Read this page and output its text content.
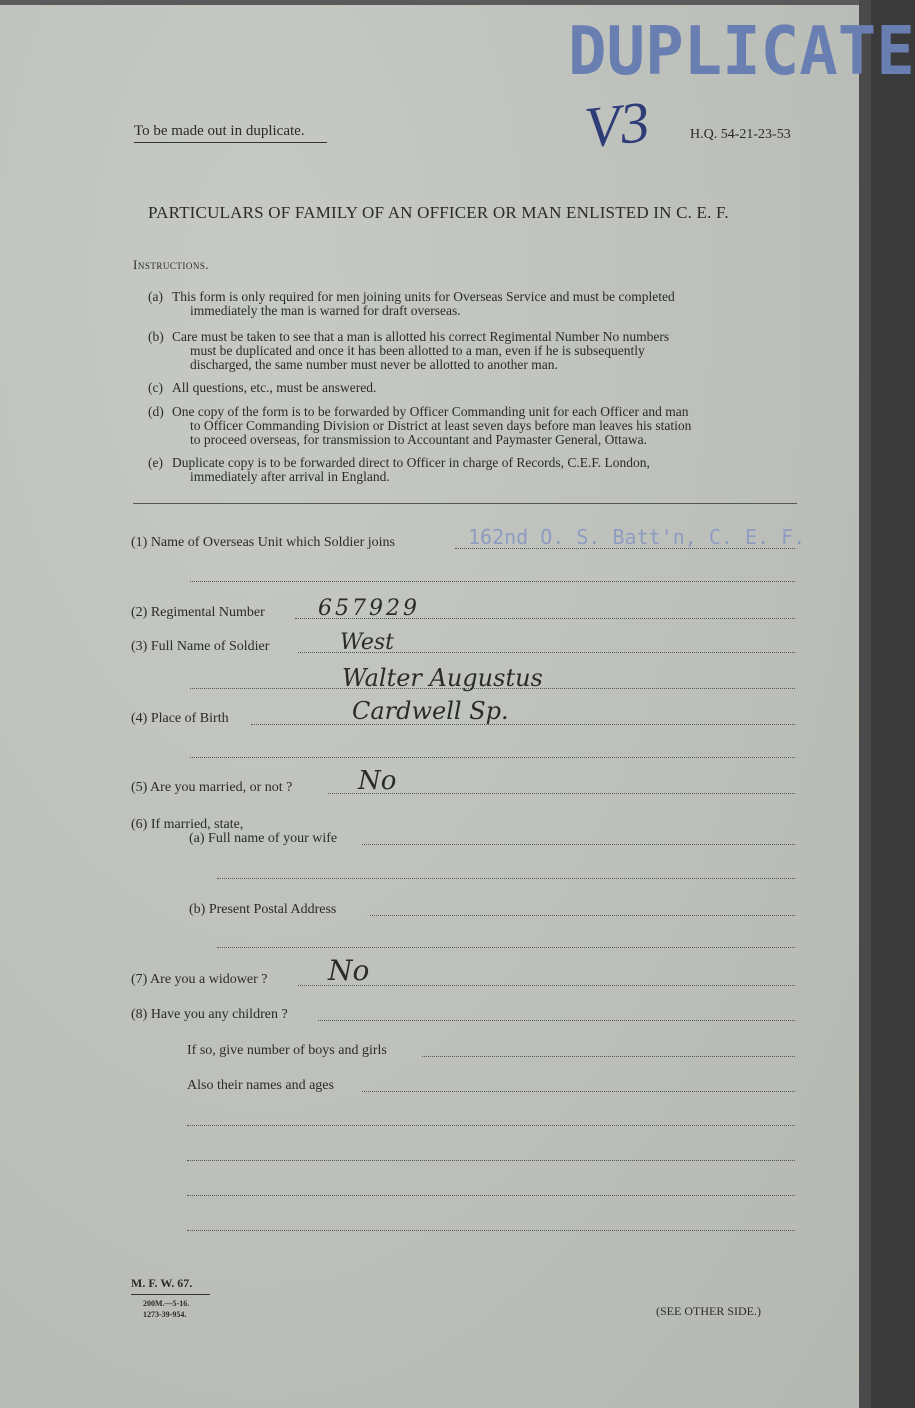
DUPLICATE
V3
To be made out in duplicate.	H.Q. 54-21-23-53
PARTICULARS OF FAMILY OF AN OFFICER OR MAN ENLISTED IN C. E. F.
Instructions.
(a) This form is only required for men joining units for Overseas Service and must be completed
immediately the man is warned for draft overseas.
(b) Care must be taken to see that a man is allotted his correct Regimental Number No numbers
must be duplicated and once it has been allotted to a man, even if he is subsequently
discharged, the same number must never be allotted to another man.
(c) All questions, etc., must be answered.
(d) One copy of the form is to be forwarded by Officer Commanding unit for each Officer and man
to Officer Commanding Division or District at least seven days before man leaves his station
to proceed overseas, for transmission to Accountant and Paymaster General, Ottawa.
(e) Duplicate copy is to be forwarded direct to Officer in charge of Records, C.E.F. London,
immediately after arrival in England.
(1) Name of Overseas Unit which Soldier joins	162nd O. S. Batt'n, C. E. F.
(2) Regimental Number 657929
(3) Full Name of Soldier	West
Walter Augustus
(4) Place of Birth	Cardwell Sp.
(5) Are you married, or not ?	No
(6) If married, state,
(a) Full name of your wife
(b) Present Postal Address
(7) Are you a widower ? No
(8) Have you any children ?
If so, give number of boys and girls
Also their names and ages
M. F. W. 67.
200M.—5-16.
1273-39-954.	(SEE OTHER SIDE.)
